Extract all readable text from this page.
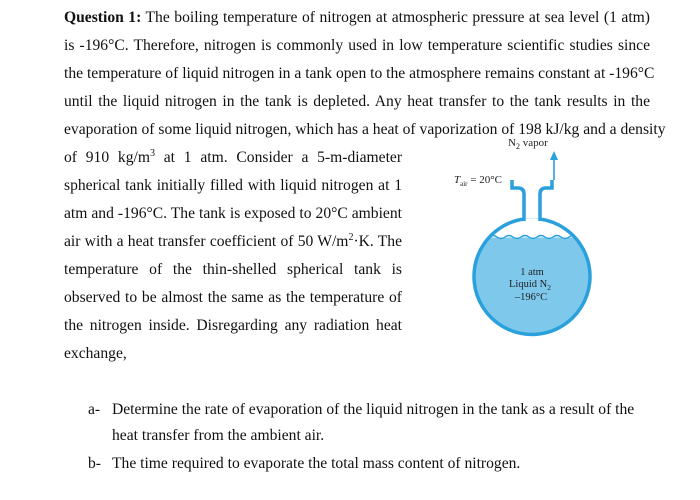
Question 1: The boiling temperature of nitrogen at atmospheric pressure at sea level (1 atm)
is -196°C. Therefore, nitrogen is commonly used in low temperature scientific studies since
the temperature of liquid nitrogen in a tank open to the atmosphere remains constant at -196°C
until the liquid nitrogen in the tank is depleted. Any heat transfer to the tank results in the
evaporation of some liquid nitrogen, which has a heat of vaporization of 198 kJ/kg and a density
of 910 $kg/m^3$ at 1 atm. Consider a 5-m-diameter
spherical tank initially filled with liquid nitrogen at 1
atm and -196°C. The tank is exposed to 20°C ambient
air with a heat transfer coefficient of 50 $W/m^2\cdot K$. The
temperature of the thin-shelled spherical tank is
observed to be almost the same as the temperature of
the nitrogen inside. Disregarding any radiation heat
exchange,
$N_2$ vapor
$T_{air} = 20^\circ C$
1 atm
Liquid $N_2$
–196°C
a- Determine the rate of evaporation of the liquid nitrogen in the tank as a result of the
heat transfer from the ambient air.
b- The time required to evaporate the total mass content of nitrogen.
